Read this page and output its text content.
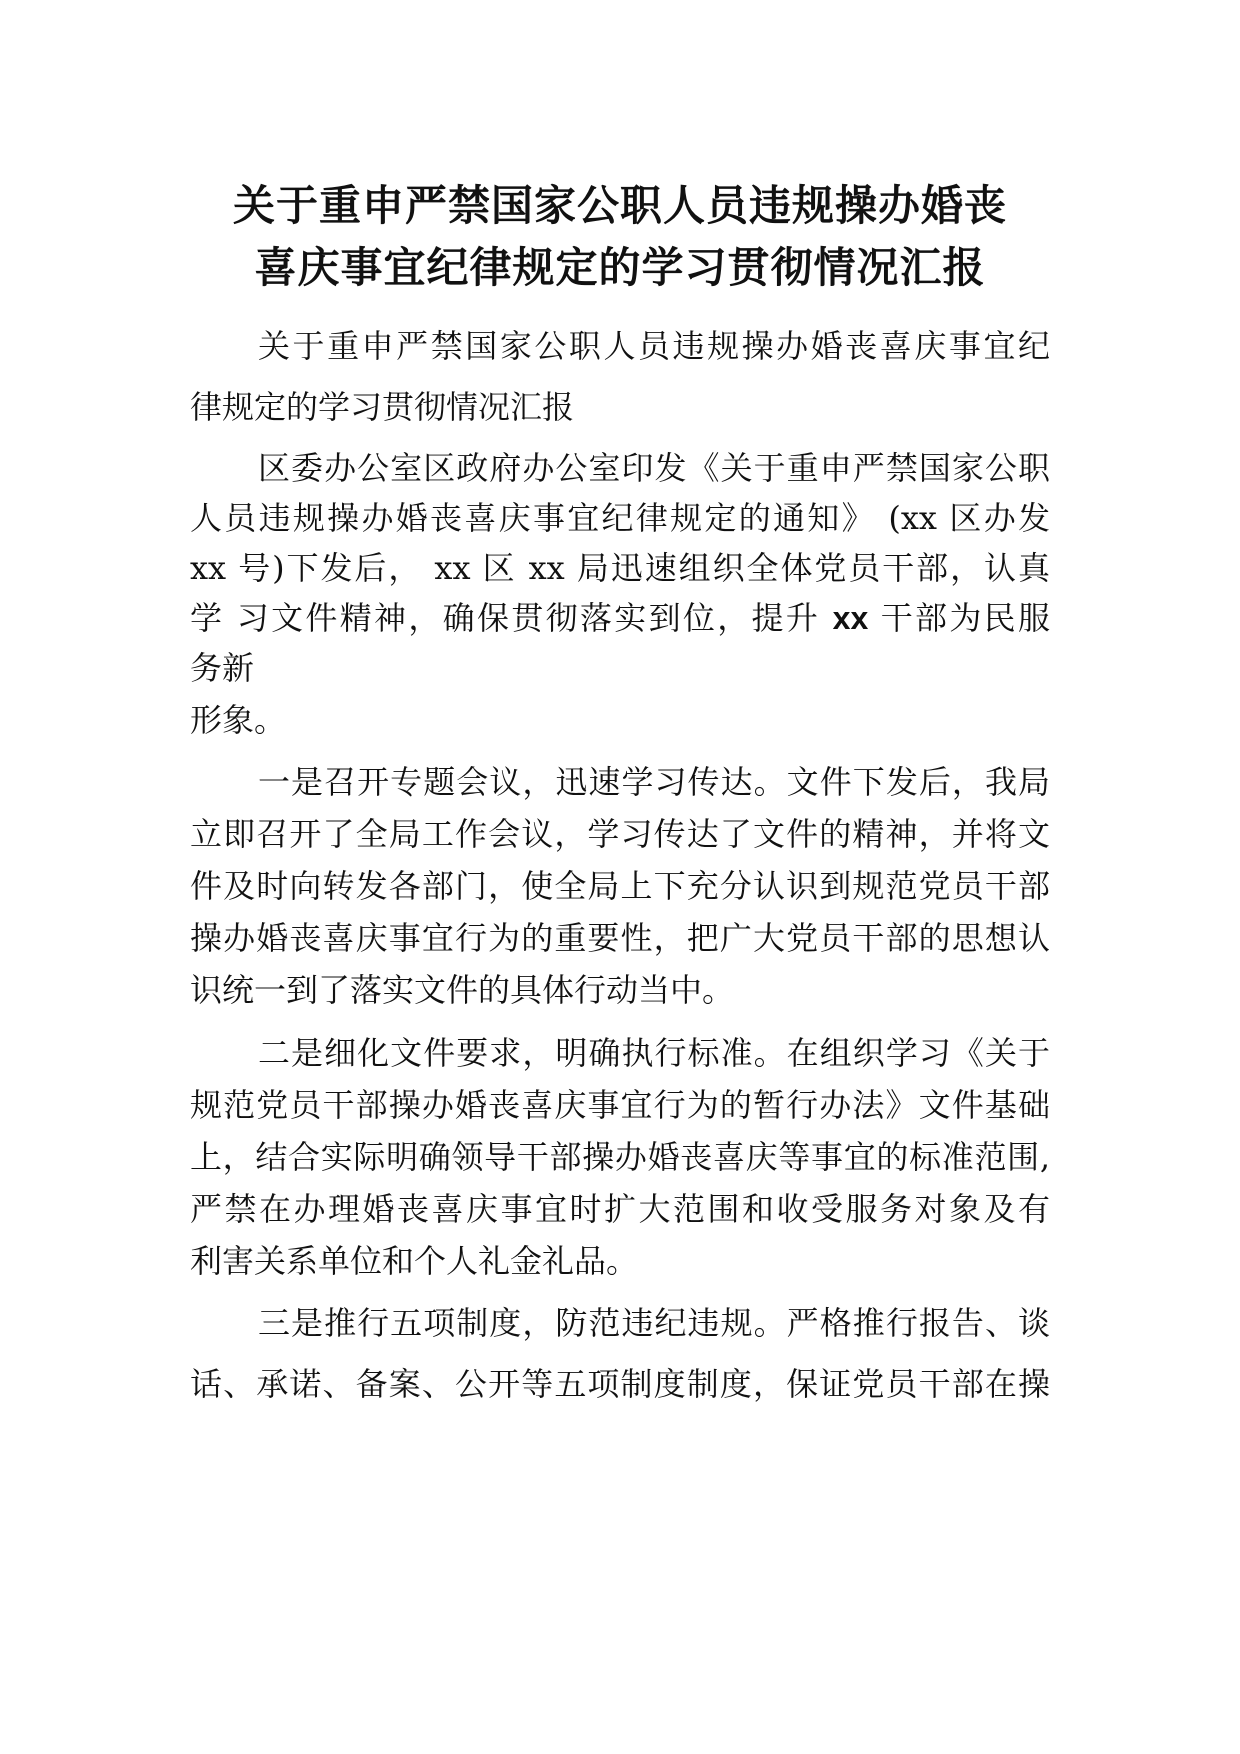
关于重申严禁国家公职人员违规操办婚丧
喜庆事宜纪律规定的学习贯彻情况汇报
关于重申严禁国家公职人员违规操办婚丧喜庆事宜纪
律规定的学习贯彻情况汇报
区委办公室区政府办公室印发《关于重申严禁国家公职
人员违规操办婚丧喜庆事宜纪律规定的通知》 (xx 区办发
xx 号)下发后， xx 区 xx 局迅速组织全体党员干部，认真
学 习文件精神，确保贯彻落实到位，提升 xx 干部为民服
务新
形象。
一是召开专题会议，迅速学习传达。文件下发后，我局
立即召开了全局工作会议，学习传达了文件的精神，并将文
件及时向转发各部门，使全局上下充分认识到规范党员干部
操办婚丧喜庆事宜行为的重要性，把广大党员干部的思想认
识统一到了落实文件的具体行动当中。
二是细化文件要求，明确执行标准。在组织学习《关于
规范党员干部操办婚丧喜庆事宜行为的暂行办法》文件基础
上，结合实际明确领导干部操办婚丧喜庆等事宜的标准范围,
严禁在办理婚丧喜庆事宜时扩大范围和收受服务对象及有
利害关系单位和个人礼金礼品。
三是推行五项制度，防范违纪违规。严格推行报告、谈
话、承诺、备案、公开等五项制度制度，保证党员干部在操
